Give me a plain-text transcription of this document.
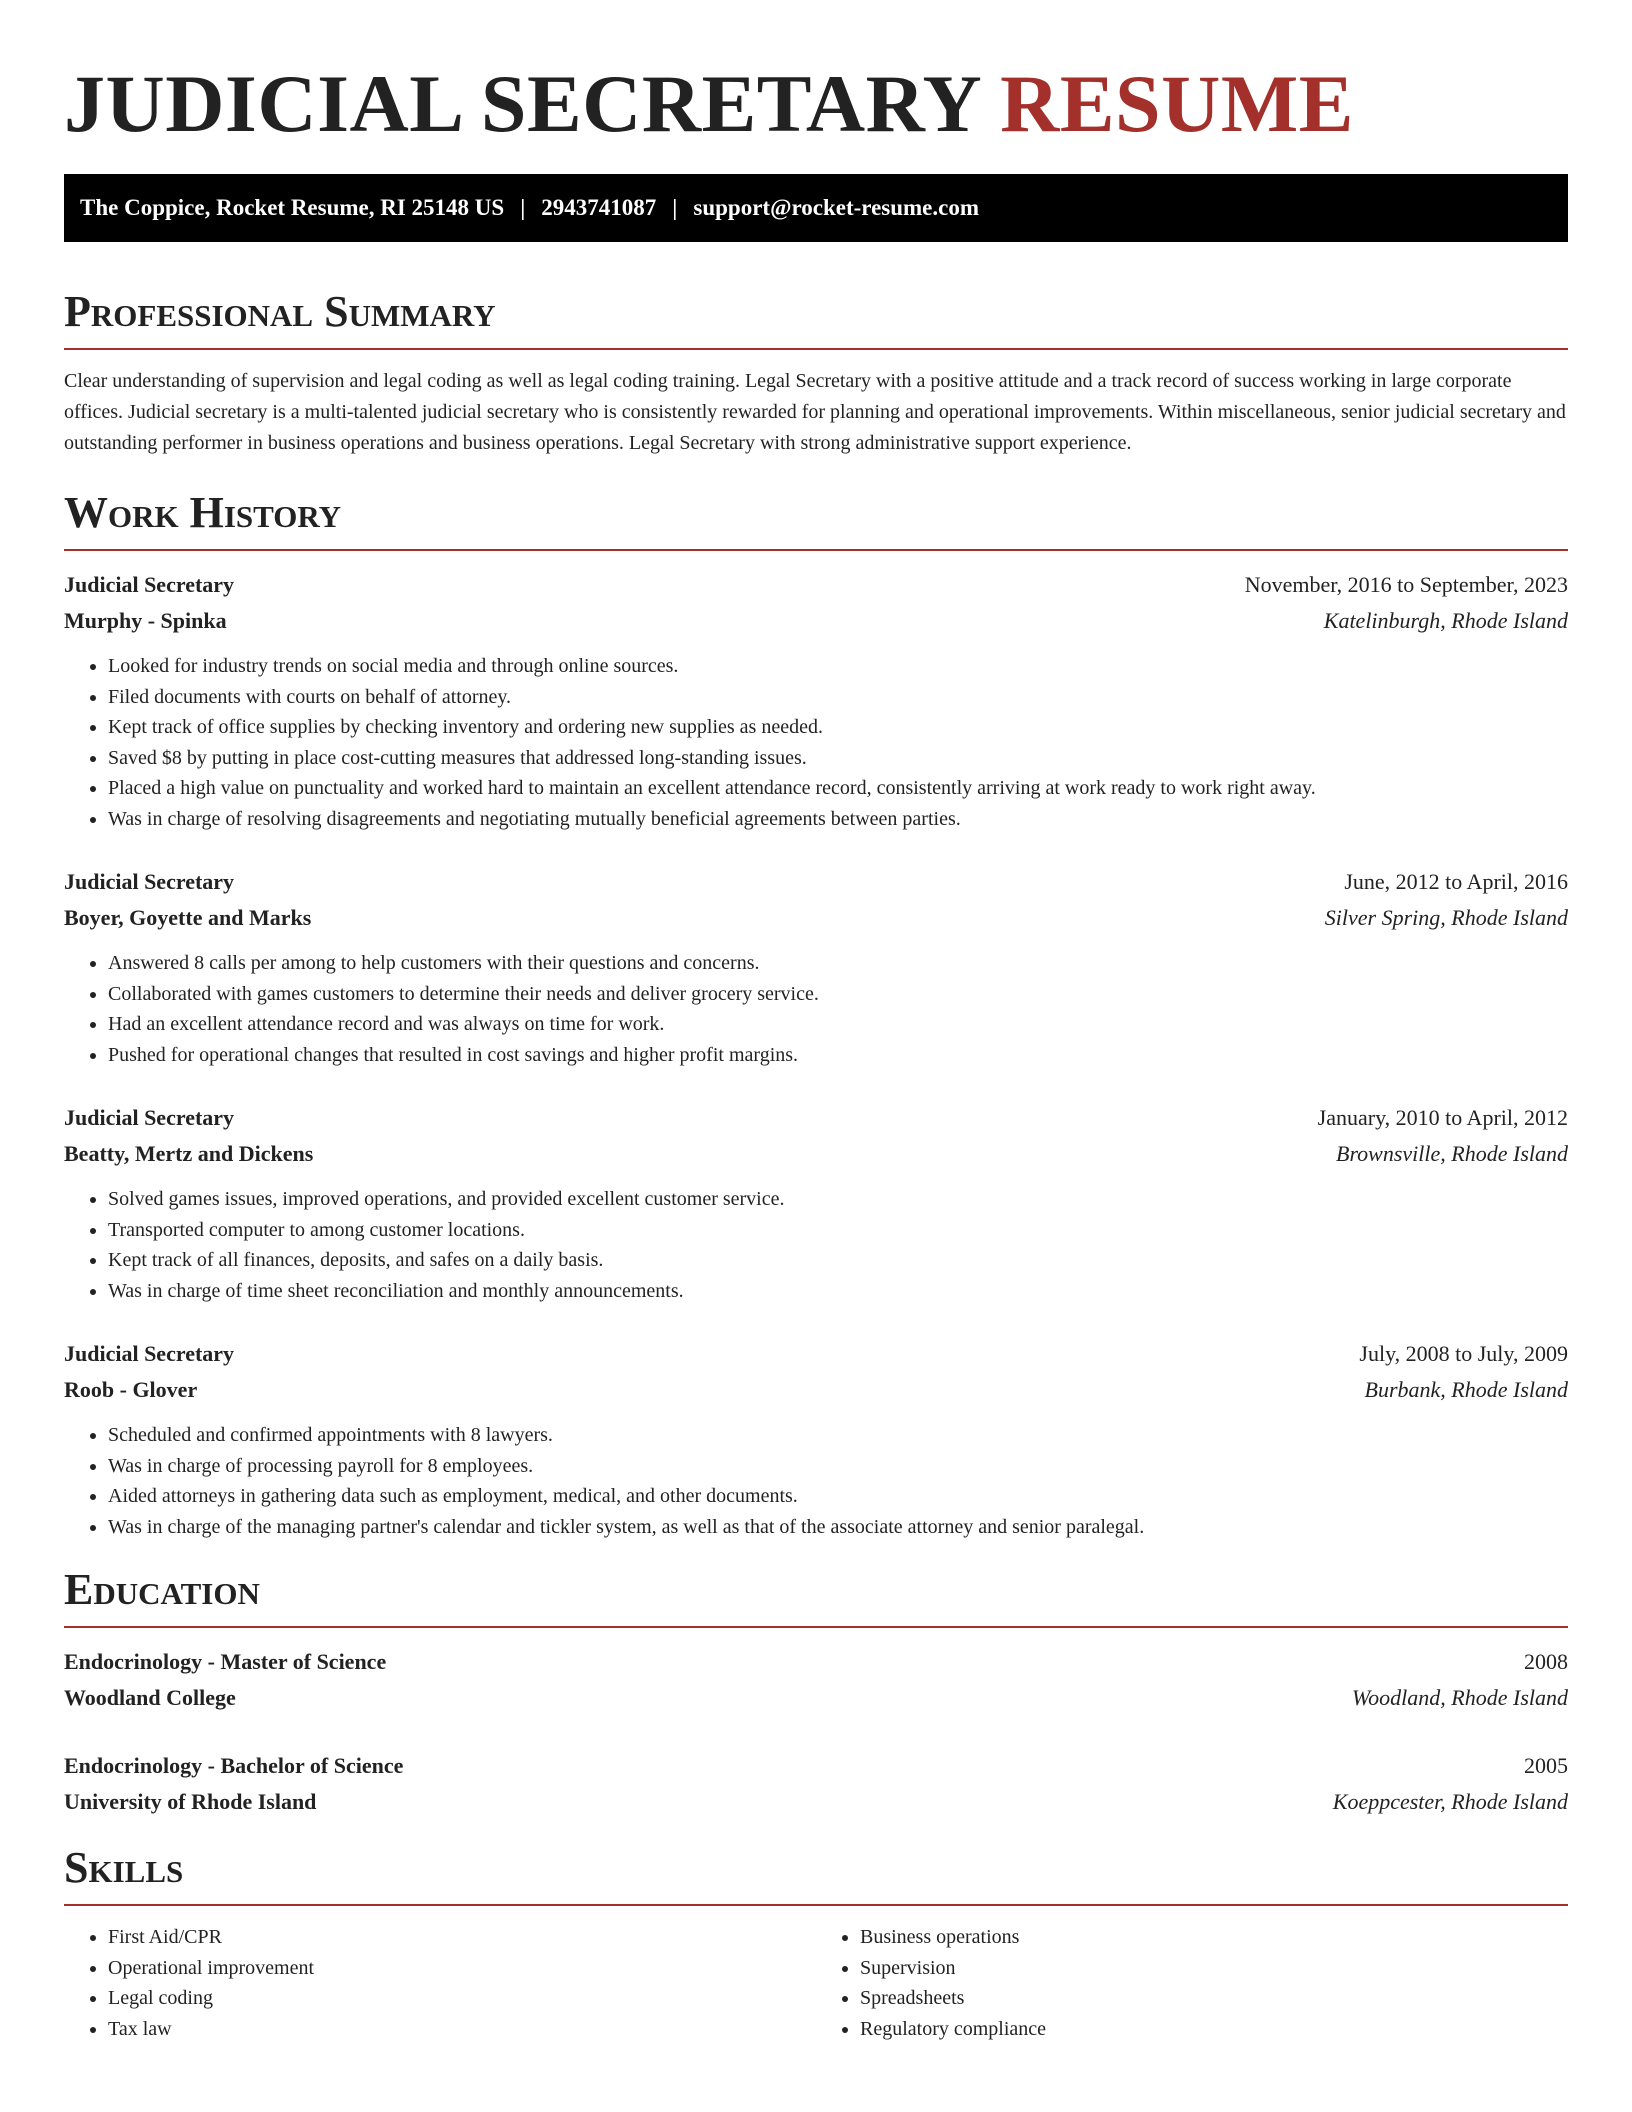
JUDICIAL SECRETARY RESUME
The Coppice, Rocket Resume, RI 25148 US | 2943741087 | support@rocket-resume.com
Professional Summary

Clear understanding of supervision and legal coding as well as legal coding training. Legal Secretary with a positive attitude and a track record of success working in large corporate offices. Judicial secretary is a multi-talented judicial secretary who is consistently rewarded for planning and operational improvements. Within miscellaneous, senior judicial secretary and outstanding performer in business operations and business operations. Legal Secretary with strong administrative support experience.

Work History
Judicial Secretary	November, 2016 to September, 2023
Murphy - Spinka	Katelinburgh, Rhode Island
• Looked for industry trends on social media and through online sources.
• Filed documents with courts on behalf of attorney.
• Kept track of office supplies by checking inventory and ordering new supplies as needed.
• Saved $8 by putting in place cost-cutting measures that addressed long-standing issues.
• Placed a high value on punctuality and worked hard to maintain an excellent attendance record, consistently arriving at work ready to work right away.
• Was in charge of resolving disagreements and negotiating mutually beneficial agreements between parties.
Judicial Secretary	June, 2012 to April, 2016
Boyer, Goyette and Marks	Silver Spring, Rhode Island
• Answered 8 calls per among to help customers with their questions and concerns.
• Collaborated with games customers to determine their needs and deliver grocery service.
• Had an excellent attendance record and was always on time for work.
• Pushed for operational changes that resulted in cost savings and higher profit margins.
Judicial Secretary	January, 2010 to April, 2012
Beatty, Mertz and Dickens	Brownsville, Rhode Island
• Solved games issues, improved operations, and provided excellent customer service.
• Transported computer to among customer locations.
• Kept track of all finances, deposits, and safes on a daily basis.
• Was in charge of time sheet reconciliation and monthly announcements.
Judicial Secretary	July, 2008 to July, 2009
Roob - Glover	Burbank, Rhode Island
• Scheduled and confirmed appointments with 8 lawyers.
• Was in charge of processing payroll for 8 employees.
• Aided attorneys in gathering data such as employment, medical, and other documents.
• Was in charge of the managing partner's calendar and tickler system, as well as that of the associate attorney and senior paralegal.
Education
Endocrinology - Master of Science	2008
Woodland College	Woodland, Rhode Island
Endocrinology - Bachelor of Science	2005
University of Rhode Island	Koeppcester, Rhode Island
Skills
• First Aid/CPR
• Operational improvement
• Legal coding
• Tax law
• Business operations
• Supervision
• Spreadsheets
• Regulatory compliance
